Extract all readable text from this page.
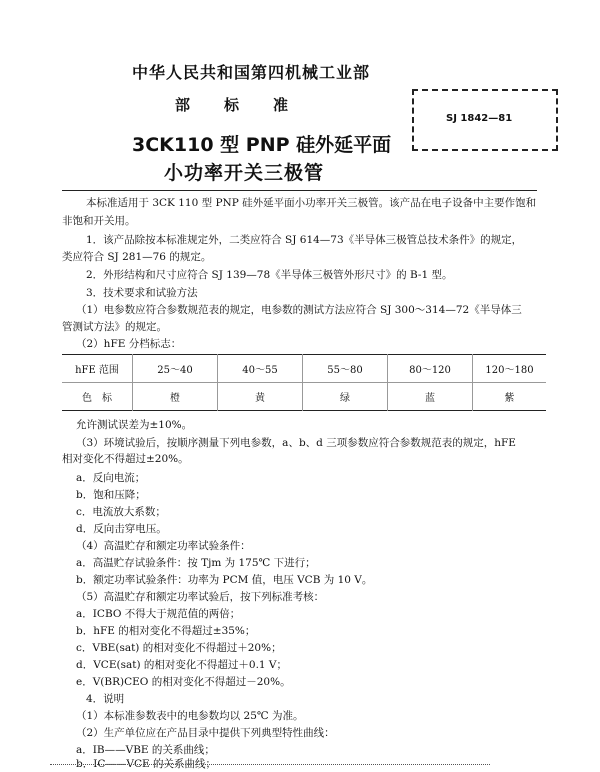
中华人民共和国第四机械工业部
部标准
3CK110 型 PNP 硅外延平面
小功率开关三极管
SJ 1842—81
本标准适用于 3CK 110 型 PNP 硅外延平面小功率开关三极管。该产品在电子设备中主要作饱和
非饱和开关用。
1．该产品除按本标准规定外，二类应符合 SJ 614—73《半导体三极管总技术条件》的规定，
类应符合 SJ 281—76 的规定。
2．外形结构和尺寸应符合 SJ 139—78《半导体三极管外形尺寸》的 B-1 型。
3．技术要求和试验方法
（1）电参数应符合参数规范表的规定，电参数的测试方法应符合 SJ 300～314—72《半导体三
管测试方法》的规定。
（2）hFE 分档标志：
hFE 范围	25～40	40～55	55～80	80～120	120～180
色　标	橙	黄	绿	蓝	紫
允许测试误差为±10%。
（3）环境试验后，按顺序测量下列电参数，a、b、d 三项参数应符合参数规范表的规定，hFE
相对变化不得超过±20%。
a．反向电流；
b．饱和压降；
c．电流放大系数；
d．反向击穿电压。
（4）高温贮存和额定功率试验条件：
a．高温贮存试验条件：按 Tjm 为 175℃ 下进行；
b．额定功率试验条件：功率为 PCM 值，电压 VCB 为 10 V。
（5）高温贮存和额定功率试验后，按下列标准考核：
a．ICBO 不得大于规范值的两倍；
b．hFE 的相对变化不得超过±35%；
c．VBE(sat) 的相对变化不得超过＋20%；
d．VCE(sat) 的相对变化不得超过＋0.1 V；
e．V(BR)CEO 的相对变化不得超过－20%。
4．说明
（1）本标准参数表中的电参数均以 25℃ 为准。
（2）生产单位应在产品目录中提供下列典型特性曲线：
a．IB——VBE 的关系曲线；
b．IC——VCE 的关系曲线；
